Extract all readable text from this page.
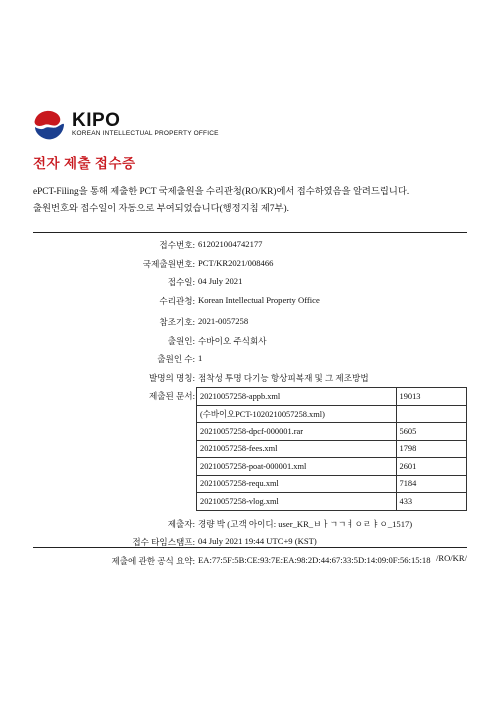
KIPO
KOREAN INTELLECTUAL PROPERTY OFFICE
전자 제출 접수증
ePCT-Filing을 통해 제출한 PCT 국제출원을 수리관청(RO/KR)에서 접수하였음을 알려드립니다.
출원번호와 접수일이 자동으로 부여되었습니다(행정지침 제7부).
접수번호: 612021004742177
국제출원번호: PCT/KR2021/008466
접수일: 04 July 2021
수리관청: Korean Intellectual Property Office
참조기호: 2021-0057258
출원인: 수바이오 주식회사
출원인 수: 1
발명의 명칭: 점착성 투명 다기능 항상피복재 및 그 제조방법
제출된 문서: 20210057258-appb.xml	19013
(수바이오PCT-1020210057258.xml)	
20210057258-dpcf-000001.rar	5605
20210057258-fees.xml	1798
20210057258-poat-000001.xml	2601
20210057258-requ.xml	7184
20210057258-vlog.xml	433
제출자: 경량 박 (고객 아이디: user_KR_ㅂㅏㄱㄱㅕㅇㄹㅑㅇ_1517)
접수 타임스탬프: 04 July 2021 19:44 UTC+9 (KST)
제출에 관한 공식 요약: EA:77:5F:5B:CE:93:7E:EA:98:2D:44:67:33:5D:14:09:0F:56:15:18 /RO/KR/
